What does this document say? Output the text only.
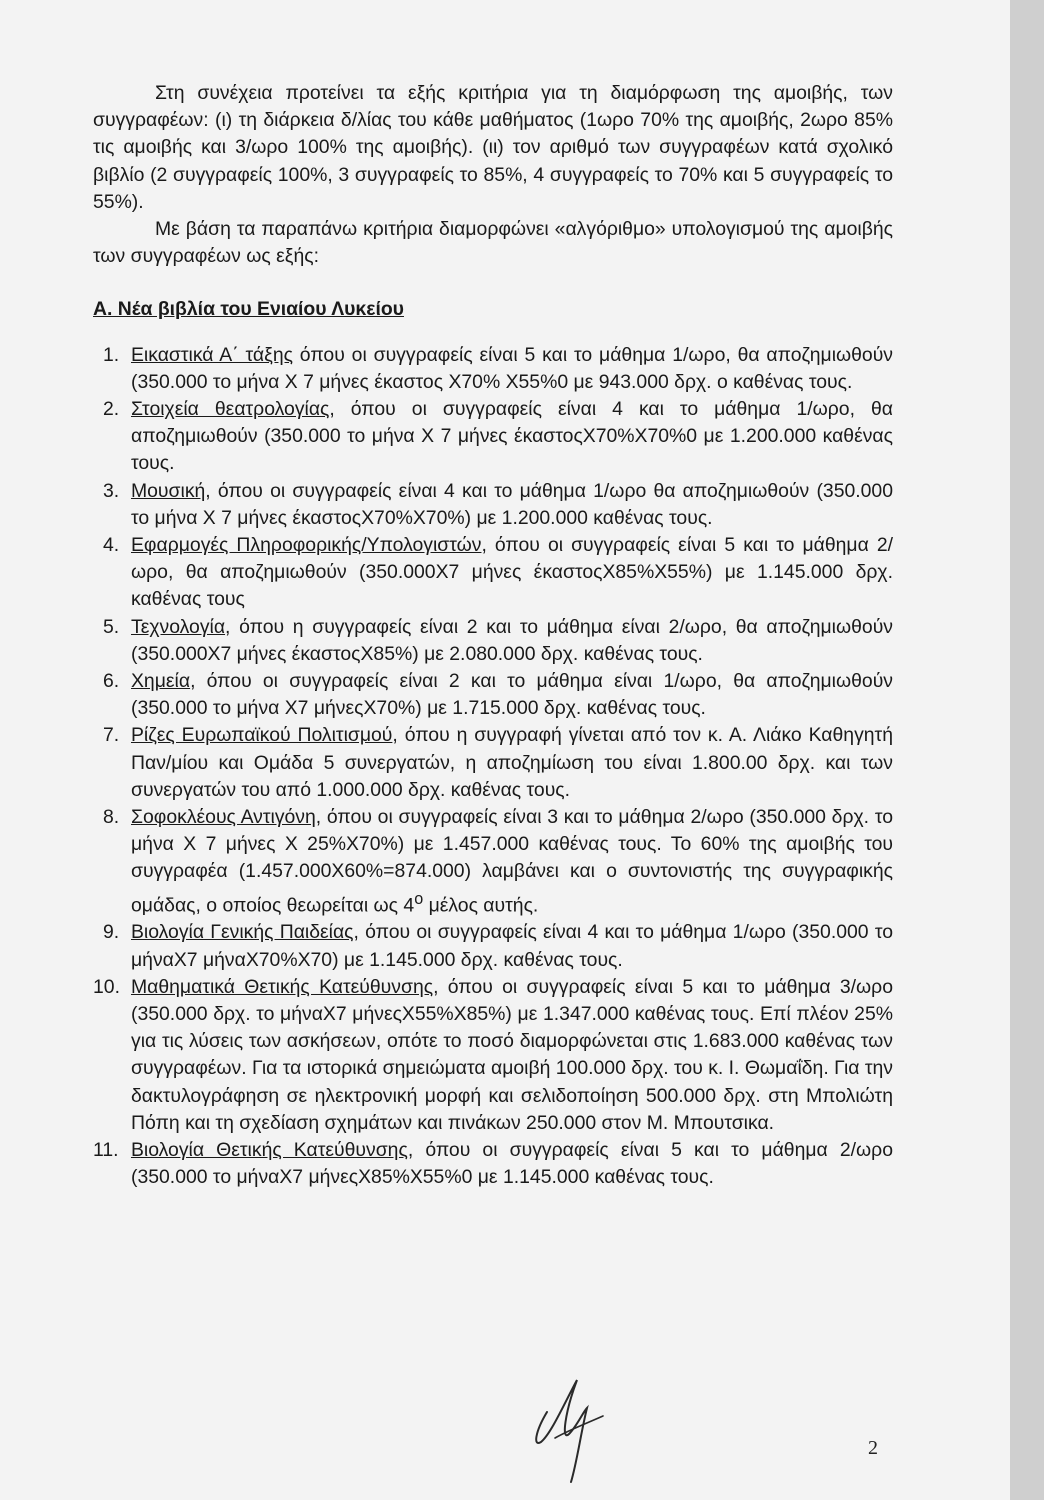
Στη συνέχεια προτείνει τα εξής κριτήρια για τη διαμόρφωση της αμοιβής, των συγγραφέων: (ι) τη διάρκεια δ/λίας του κάθε μαθήματος (1ωρο 70% της αμοιβής, 2ωρο 85% τις αμοιβής και 3/ωρο 100% της αμοιβής). (ιι) τον αριθμό των συγγραφέων κατά σχολικό βιβλίο (2 συγγραφείς 100%, 3 συγγραφείς το 85%, 4 συγγραφείς το 70% και 5 συγγραφείς το 55%).

Με βάση τα παραπάνω κριτήρια διαμορφώνει «αλγόριθμο» υπολογισμού της αμοιβής των συγγραφέων ως εξής:

Α. Νέα βιβλία του Ενιαίου Λυκείου
1. Εικαστικά Α΄ τάξης όπου οι συγγραφείς είναι 5 και το μάθημα 1/ωρο, θα αποζημιωθούν (350.000 το μήνα Χ 7 μήνες έκαστος Χ70% Χ55%0 με 943.000 δρχ. ο καθένας τους.
2. Στοιχεία θεατρολογίας, όπου οι συγγραφείς είναι 4 και το μάθημα 1/ωρο, θα αποζημιωθούν (350.000 το μήνα Χ 7 μήνες έκαστοςΧ70%Χ70%0 με 1.200.000 καθένας τους.
3. Μουσική, όπου οι συγγραφείς είναι 4 και το μάθημα 1/ωρο θα αποζημιωθούν (350.000 το μήνα Χ 7 μήνες έκαστοςΧ70%Χ70%) με 1.200.000 καθένας τους.
4. Εφαρμογές Πληροφορικής/Υπολογιστών, όπου οι συγγραφείς είναι 5 και το μάθημα 2/ωρο, θα αποζημιωθούν (350.000Χ7 μήνες έκαστοςΧ85%Χ55%) με 1.145.000 δρχ. καθένας τους
5. Τεχνολογία, όπου η συγγραφείς είναι 2 και το μάθημα είναι 2/ωρο, θα αποζημιωθούν (350.000Χ7 μήνες έκαστοςΧ85%) με 2.080.000 δρχ. καθένας τους.
6. Χημεία, όπου οι συγγραφείς είναι 2 και το μάθημα είναι 1/ωρο, θα αποζημιωθούν (350.000 το μήνα Χ7 μήνεςΧ70%) με 1.715.000 δρχ. καθένας τους.
7. Ρίζες Ευρωπαϊκού Πολιτισμού, όπου η συγγραφή γίνεται από τον κ. Α. Λιάκο Καθηγητή Παν/μίου και Ομάδα 5 συνεργατών, η αποζημίωση του είναι 1.800.00 δρχ. και των συνεργατών του από 1.000.000 δρχ. καθένας τους.
8. Σοφοκλέους Αντιγόνη, όπου οι συγγραφείς είναι 3 και το μάθημα 2/ωρο (350.000 δρχ. το μήνα Χ 7 μήνες Χ 25%Χ70%) με 1.457.000 καθένας τους. Το 60% της αμοιβής του συγγραφέα (1.457.000Χ60%=874.000) λαμβάνει και ο συντονιστής της συγγραφικής ομάδας, ο οποίος θεωρείται ως $4^o$ μέλος αυτής.
9. Βιολογία Γενικής Παιδείας, όπου οι συγγραφείς είναι 4 και το μάθημα 1/ωρο (350.000 το μήναΧ7 μήναΧ70%Χ70) με 1.145.000 δρχ. καθένας τους.
10. Μαθηματικά Θετικής Κατεύθυνσης, όπου οι συγγραφείς είναι 5 και το μάθημα 3/ωρο (350.000 δρχ. το μήναΧ7 μήνεςΧ55%Χ85%) με 1.347.000 καθένας τους. Επί πλέον 25% για τις λύσεις των ασκήσεων, οπότε το ποσό διαμορφώνεται στις 1.683.000 καθένας των συγγραφέων. Για τα ιστορικά σημειώματα αμοιβή 100.000 δρχ. του κ. Ι. Θωμαΐδη. Για την δακτυλογράφηση σε ηλεκτρονική μορφή και σελιδοποίηση 500.000 δρχ. στη Μπολιώτη Πόπη και τη σχεδίαση σχημάτων και πινάκων 250.000 στον Μ. Μπουτσικα.
11. Βιολογία Θετικής Κατεύθυνσης, όπου οι συγγραφείς είναι 5 και το μάθημα 2/ωρο (350.000 το μήναΧ7 μήνεςΧ85%Χ55%0 με 1.145.000 καθένας τους.
2
